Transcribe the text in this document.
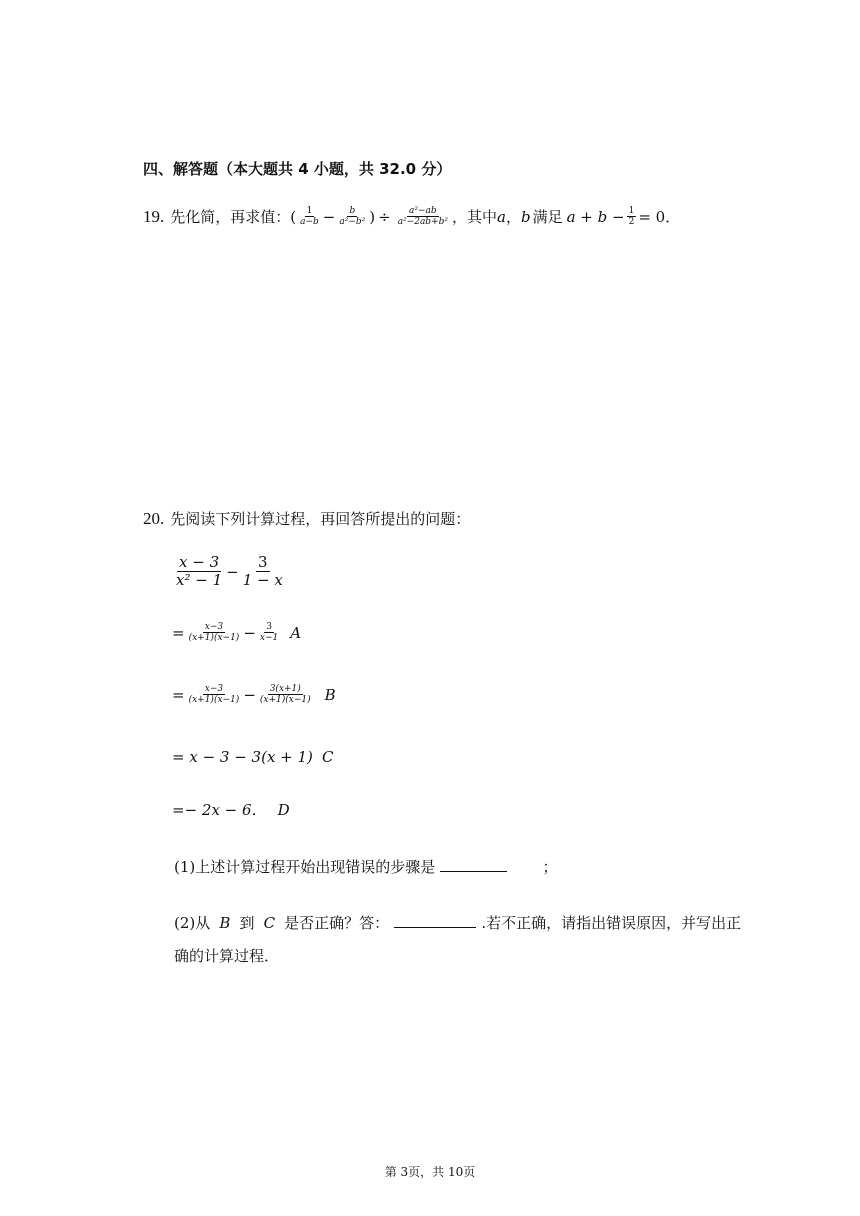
四、解答题（本大题共 4 小题，共 32.0 分）
19. 先化简，再求值： ( $\frac{1}{a-b} - \frac{b}{\text{a²−b²}}$ ) ÷ $\frac{\text{a²−ab}}{\text{a²−2ab+b²}}$ ，其中 a ， b 满足 $a + b - \frac{1}{2} = 0$．
20. 先阅读下列计算过程，再回答所提出的问题：
$\frac{x - 3}{\text{x² − 1}} - \frac{3}{1 - x}$
= $\frac{x-3}{(x+1)(x-1)} - \frac{3}{x-1}$ A
= $\frac{x-3}{(x+1)(x-1)} - \frac{3(x+1)}{(x+1)(x-1)}$ B
= x − 3 − 3(x + 1) C
=− 2x − 6． D
(1)上述计算过程开始出现错误的步骤是	；
(2)从 B 到 C 是否正确？答：	.若不正确，请指出错误原因，并写出正
确的计算过程．
第 3页，共 10页
